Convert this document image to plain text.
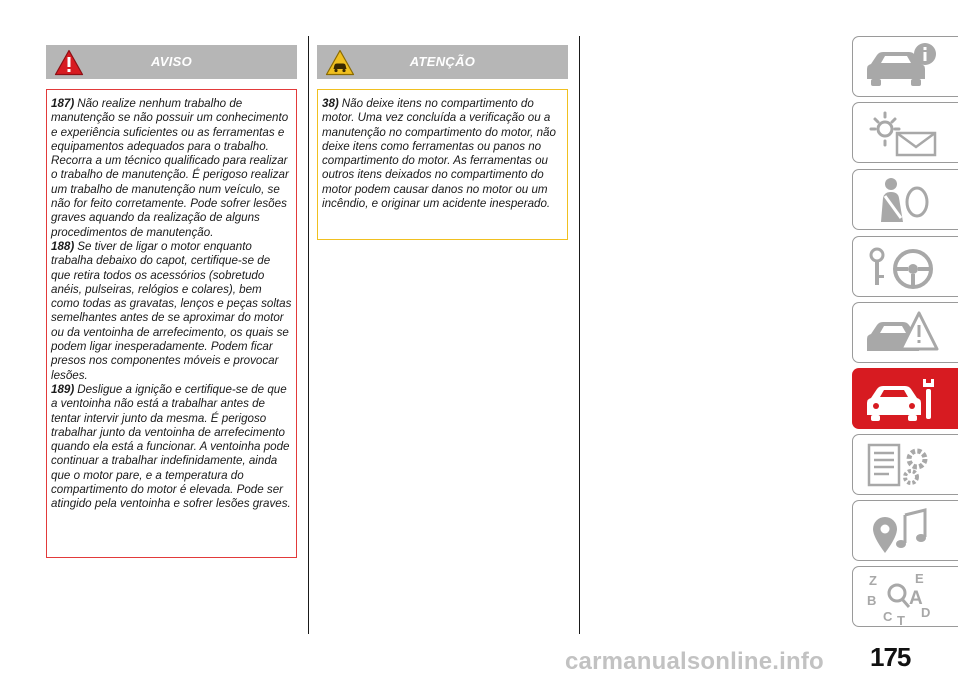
AVISO

187) Não realize nenhum trabalho de manutenção se não possuir um conhecimento e experiência suficientes ou as ferramentas e equipamentos adequados para o trabalho. Recorra a um técnico qualificado para realizar o trabalho de manutenção. É perigoso realizar um trabalho de manutenção num veículo, se não for feito corretamente. Pode sofrer lesões graves aquando da realização de alguns procedimentos de manutenção.

188) Se tiver de ligar o motor enquanto trabalha debaixo do capot, certifique-se de que retira todos os acessórios (sobretudo anéis, pulseiras, relógios e colares), bem como todas as gravatas, lenços e peças soltas semelhantes antes de se aproximar do motor ou da ventoinha de arrefecimento, os quais se podem ligar inesperadamente. Podem ficar presos nos componentes móveis e provocar lesões.

189) Desligue a ignição e certifique-se de que a ventoinha não está a trabalhar antes de tentar intervir junto da mesma. É perigoso trabalhar junto da ventoinha de arrefecimento quando ela está a funcionar. A ventoinha pode continuar a trabalhar indefinidamente, ainda que o motor pare, e a temperatura do compartimento do motor é elevada. Pode ser atingido pela ventoinha e sofrer lesões graves.

ATENÇÃO

38) Não deixe itens no compartimento do motor. Uma vez concluída a verificação ou a manutenção no compartimento do motor, não deixe itens como ferramentas ou panos no compartimento do motor. As ferramentas ou outros itens deixados no compartimento do motor podem causar danos no motor ou um incêndio, e originar um acidente inesperado.

Z	E
B A
C D
T
carmanualsonline.info 175
